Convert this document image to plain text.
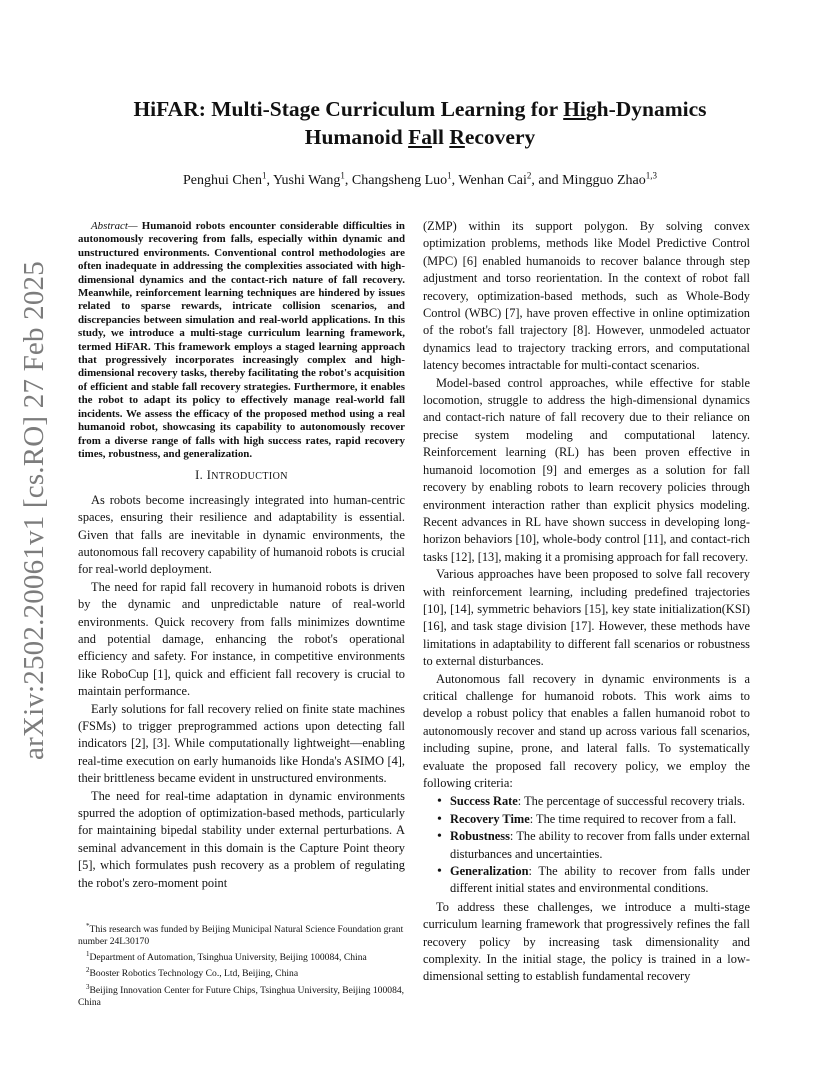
arXiv:2502.20061v1 [cs.RO] 27 Feb 2025
HiFAR: Multi-Stage Curriculum Learning for High-Dynamics
Humanoid Fall Recovery
Penghui Chen$^1$, Yushi Wang$^1$, Changsheng Luo$^1$, Wenhan Cai$^2$, and Mingguo Zhao$^{1,3}$

Abstract— Humanoid robots encounter considerable difficulties in autonomously recovering from falls, especially within dynamic and unstructured environments. Conventional control methodologies are often inadequate in addressing the complexities associated with high-dimensional dynamics and the contact-rich nature of fall recovery. Meanwhile, reinforcement learning techniques are hindered by issues related to sparse rewards, intricate collision scenarios, and discrepancies between simulation and real-world applications. In this study, we introduce a multi-stage curriculum learning framework, termed HiFAR. This framework employs a staged learning approach that progressively incorporates increasingly complex and high-dimensional recovery tasks, thereby facilitating the robot's acquisition of efficient and stable fall recovery strategies. Furthermore, it enables the robot to adapt its policy to effectively manage real-world fall incidents. We assess the efficacy of the proposed method using a real humanoid robot, showcasing its capability to autonomously recover from a diverse range of falls with high success rates, rapid recovery times, robustness, and generalization.

I. INTRODUCTION

As robots become increasingly integrated into human-centric spaces, ensuring their resilience and adaptability is essential. Given that falls are inevitable in dynamic environments, the autonomous fall recovery capability of humanoid robots is crucial for real-world deployment.

The need for rapid fall recovery in humanoid robots is driven by the dynamic and unpredictable nature of real-world environments. Quick recovery from falls minimizes downtime and potential damage, enhancing the robot's operational efficiency and safety. For instance, in competitive environments like RoboCup [1], quick and efficient fall recovery is crucial to maintain performance.

Early solutions for fall recovery relied on finite state machines (FSMs) to trigger preprogrammed actions upon detecting fall indicators [2], [3]. While computationally lightweight—enabling real-time execution on early humanoids like Honda's ASIMO [4], their brittleness became evident in unstructured environments.

The need for real-time adaptation in dynamic environments spurred the adoption of optimization-based methods, particularly for maintaining bipedal stability under external perturbations. A seminal advancement in this domain is the Capture Point theory [5], which formulates push recovery as a problem of regulating the robot's zero-moment point

*This research was funded by Beijing Municipal Natural Science Foundation grant number 24L30170

$^1$Department of Automation, Tsinghua University, Beijing 100084, China

$^2$Booster Robotics Technology Co., Ltd, Beijing, China

$^3$Beijing Innovation Center for Future Chips, Tsinghua University, Beijing 100084, China

(ZMP) within its support polygon. By solving convex optimization problems, methods like Model Predictive Control (MPC) [6] enabled humanoids to recover balance through step adjustment and torso reorientation. In the context of robot fall recovery, optimization-based methods, such as Whole-Body Control (WBC) [7], have proven effective in online optimization of the robot's fall trajectory [8]. However, unmodeled actuator dynamics lead to trajectory tracking errors, and computational latency becomes intractable for multi-contact scenarios.

Model-based control approaches, while effective for stable locomotion, struggle to address the high-dimensional dynamics and contact-rich nature of fall recovery due to their reliance on precise system modeling and computational latency. Reinforcement learning (RL) has been proven effective in humanoid locomotion [9] and emerges as a solution for fall recovery by enabling robots to learn recovery policies through environment interaction rather than explicit physics modeling. Recent advances in RL have shown success in developing long-horizon behaviors [10], whole-body control [11], and contact-rich tasks [12], [13], making it a promising approach for fall recovery.

Various approaches have been proposed to solve fall recovery with reinforcement learning, including predefined trajectories [10], [14], symmetric behaviors [15], key state initialization(KSI) [16], and task stage division [17]. However, these methods have limitations in adaptability to different fall scenarios or robustness to external disturbances.

Autonomous fall recovery in dynamic environments is a critical challenge for humanoid robots. This work aims to develop a robust policy that enables a fallen humanoid robot to autonomously recover and stand up across various fall scenarios, including supine, prone, and lateral falls. To systematically evaluate the proposed fall recovery policy, we employ the following criteria:

• Success Rate: The percentage of successful recovery trials.
• Recovery Time: The time required to recover from a fall.
• Robustness: The ability to recover from falls under external disturbances and uncertainties.
• Generalization: The ability to recover from falls under different initial states and environmental conditions.

To address these challenges, we introduce a multi-stage curriculum learning framework that progressively refines the fall recovery policy by increasing task dimensionality and complexity. In the initial stage, the policy is trained in a low-dimensional setting to establish fundamental recovery
